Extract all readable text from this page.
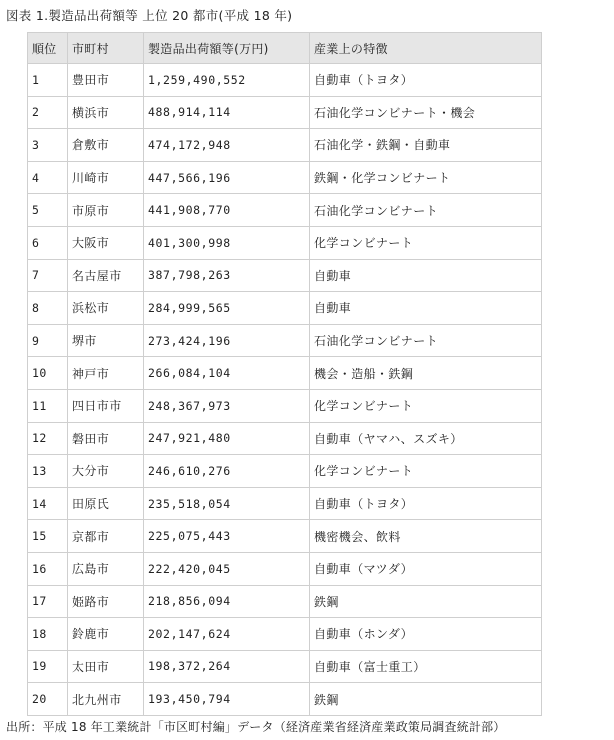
図表 1.製造品出荷額等 上位 20 都市(平成 18 年)
順位	市町村	製造品出荷額等(万円)	産業上の特徴
1	豊田市	1,259,490,552	自動車（トヨタ）
2	横浜市	488,914,114	石油化学コンビナート・機会
3	倉敷市	474,172,948	石油化学・鉄鋼・自動車
4	川崎市	447,566,196	鉄鋼・化学コンビナート
5	市原市	441,908,770	石油化学コンビナート
6	大阪市	401,300,998	化学コンビナート
7	名古屋市	387,798,263	自動車
8	浜松市	284,999,565	自動車
9	堺市	273,424,196	石油化学コンビナート
10	神戸市	266,084,104	機会・造船・鉄鋼
11	四日市市	248,367,973	化学コンビナート
12	磐田市	247,921,480	自動車（ヤマハ、スズキ）
13	大分市	246,610,276	化学コンビナート
14	田原氏	235,518,054	自動車（トヨタ）
15	京都市	225,075,443	機密機会、飲料
16	広島市	222,420,045	自動車（マツダ）
17	姫路市	218,856,094	鉄鋼
18	鈴鹿市	202,147,624	自動車（ホンダ）
19	太田市	198,372,264	自動車（富士重工）
20	北九州市	193,450,794	鉄鋼
出所：平成 18 年工業統計「市区町村編」データ（経済産業省経済産業政策局調査統計部）
